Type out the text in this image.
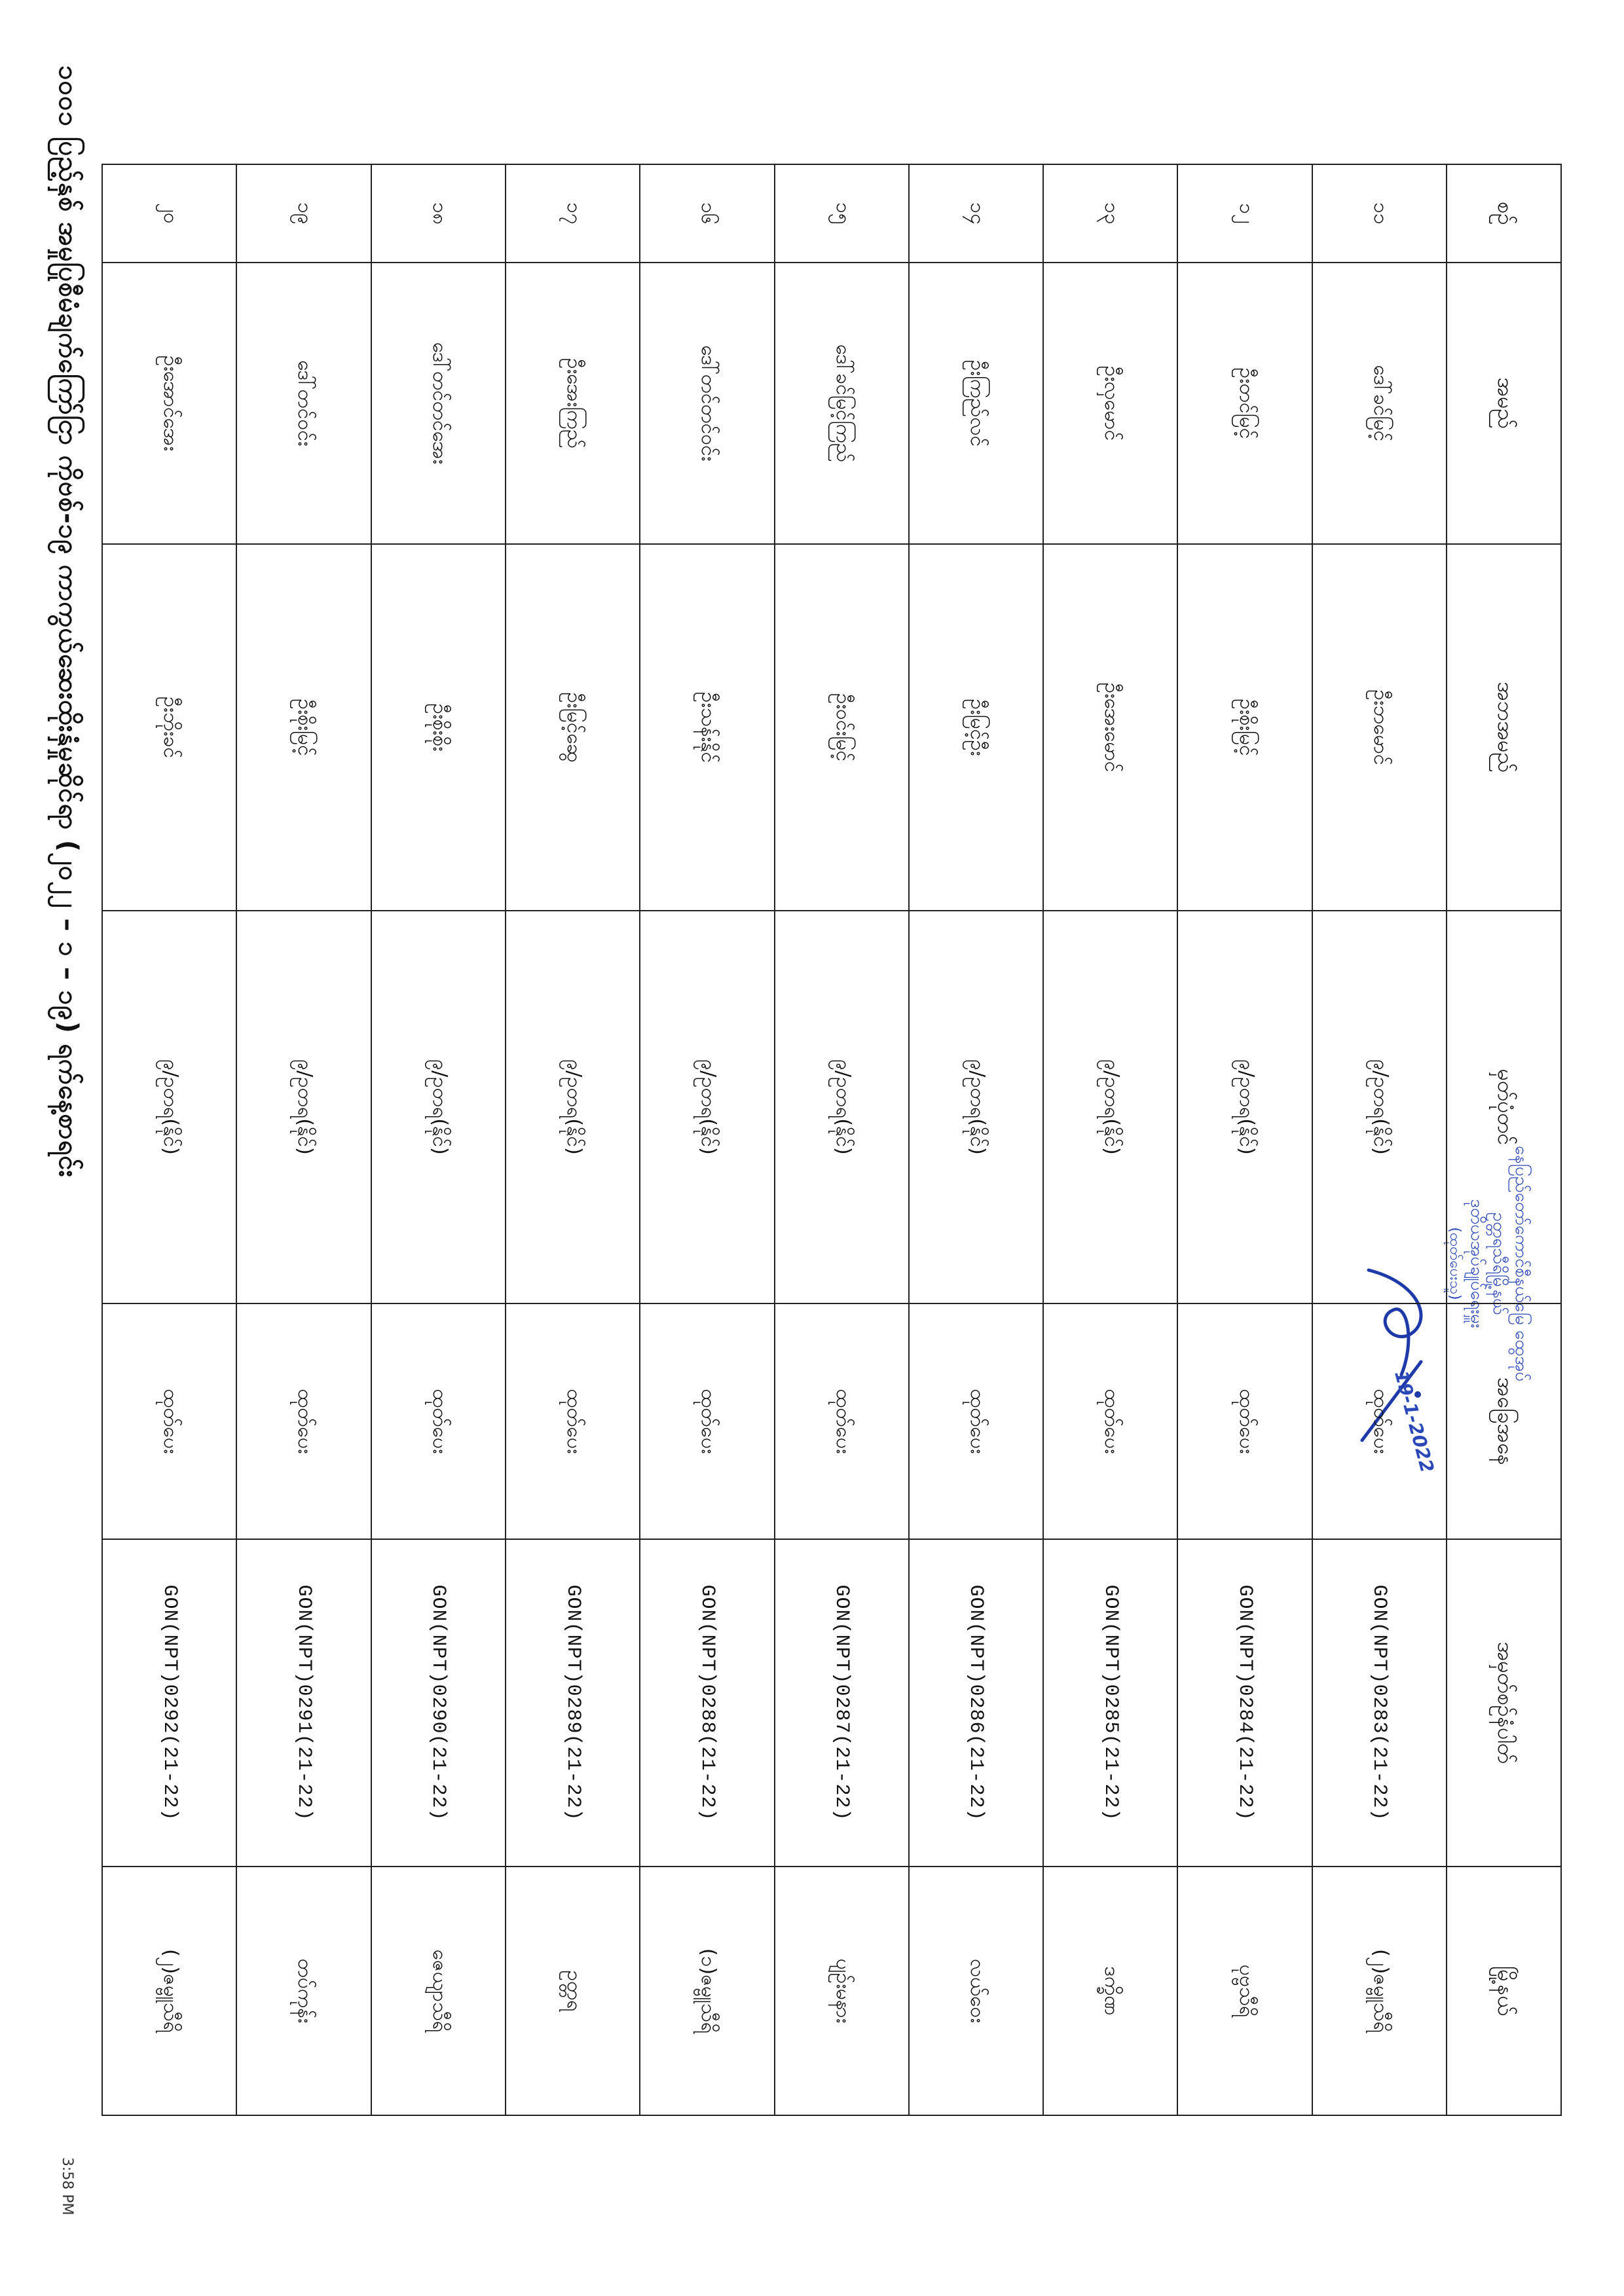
3:58 PM
နေပြည်တော်ကောင်စီနယ်မြေ ထွေအုပ်
ဥတ္တရသီရိမြို့နယ်
ဒုတိယအုပ်ချုပ်ရေးမှူး
(ထုတ်ပေးသူ)
19-1-2022
စဉ်	အမည်	အဘအမည်	မှတ်ပုံတင်	အခြေအနေ	အမှတ်စဉ်နံပါတ်	မြို့နယ်
၁၁	ဒေါ်ခင်မြင့်	ဦးဘမောင်	၉/ဥတရ(နိုင်)	ထုတ်ပေး	GON(NPT)0283(21-22)	(၂)ဇမ္ဗူသီရိ
၁၂	ဦးတင်မြင့်	ဦးစိုးမြင့်	၉/ဥတရ(နိုင်)	ထုတ်ပေး	GON(NPT)0284(21-22)	ပုဗ္ဗသီရိ
၁၃	ဦးလှမောင်	ဦးအေးမောင်	၉/ဥတရ(နိုင်)	ထုတ်ပေး	GON(NPT)0285(21-22)	ဒက္ခိဏ
၁၄	ဦးကြည်လင်	ဦးမြင့်ဦး	၉/ဥတရ(နိုင်)	ထုတ်ပေး	GON(NPT)0286(21-22)	လယ်ဝေး
၁၅	ဒေါ်ခင်မြင့်ကြည်	ဦးဝင်းမြင့်	၉/ဥတရ(နိုင်)	ထုတ်ပေး	GON(NPT)0287(21-22)	ပျဉ်းမနား
၁၆	ဒေါ်တင်တင်ဝင်း	ဦးသန်းနိုင်	၉/ဥတရ(နိုင်)	ထုတ်ပေး	GON(NPT)0288(21-22)	(၁)ဇမ္ဗူသီရိ
၁၇	ဦးအေးကြည်	ဦးမြင့်ဆွေ	၉/ဥတရ(နိုင်)	ထုတ်ပေး	GON(NPT)0289(21-22)	ဥတ္တရ
၁၈	ဒေါ်တင်တင်အေး	ဦးစိုးစိုး	၉/ဥတရ(နိုင်)	ထုတ်ပေး	GON(NPT)0290(21-22)	ဇေယျာသီရိ
၁၉	ဒေါ်တင်ဝင်း	ဦးစိုးမြင့်	၉/ဥတရ(နိုင်)	ထုတ်ပေး	GON(NPT)0291(21-22)	တပ်ကုန်း
၂၀	ဦးအောင်အေး	ဦးဘိုးခင်	၉/ဥတရ(နိုင်)	ထုတ်ပေး	GON(NPT)0292(21-22)	(၂)ဇမ္ဗူသီရိ
၁၀၀၁ ပြည့်နှစ် အမှုပြုစီမံချက်ကြော်ငြာ ကိုဗစ်-၁၉ ကာကွယ်ဆေးထိုးနှံမှုဆိုင်ရာ (၂၀၂၂ – ၁ – ၁၉) ရက်နေ့စာရင်း
